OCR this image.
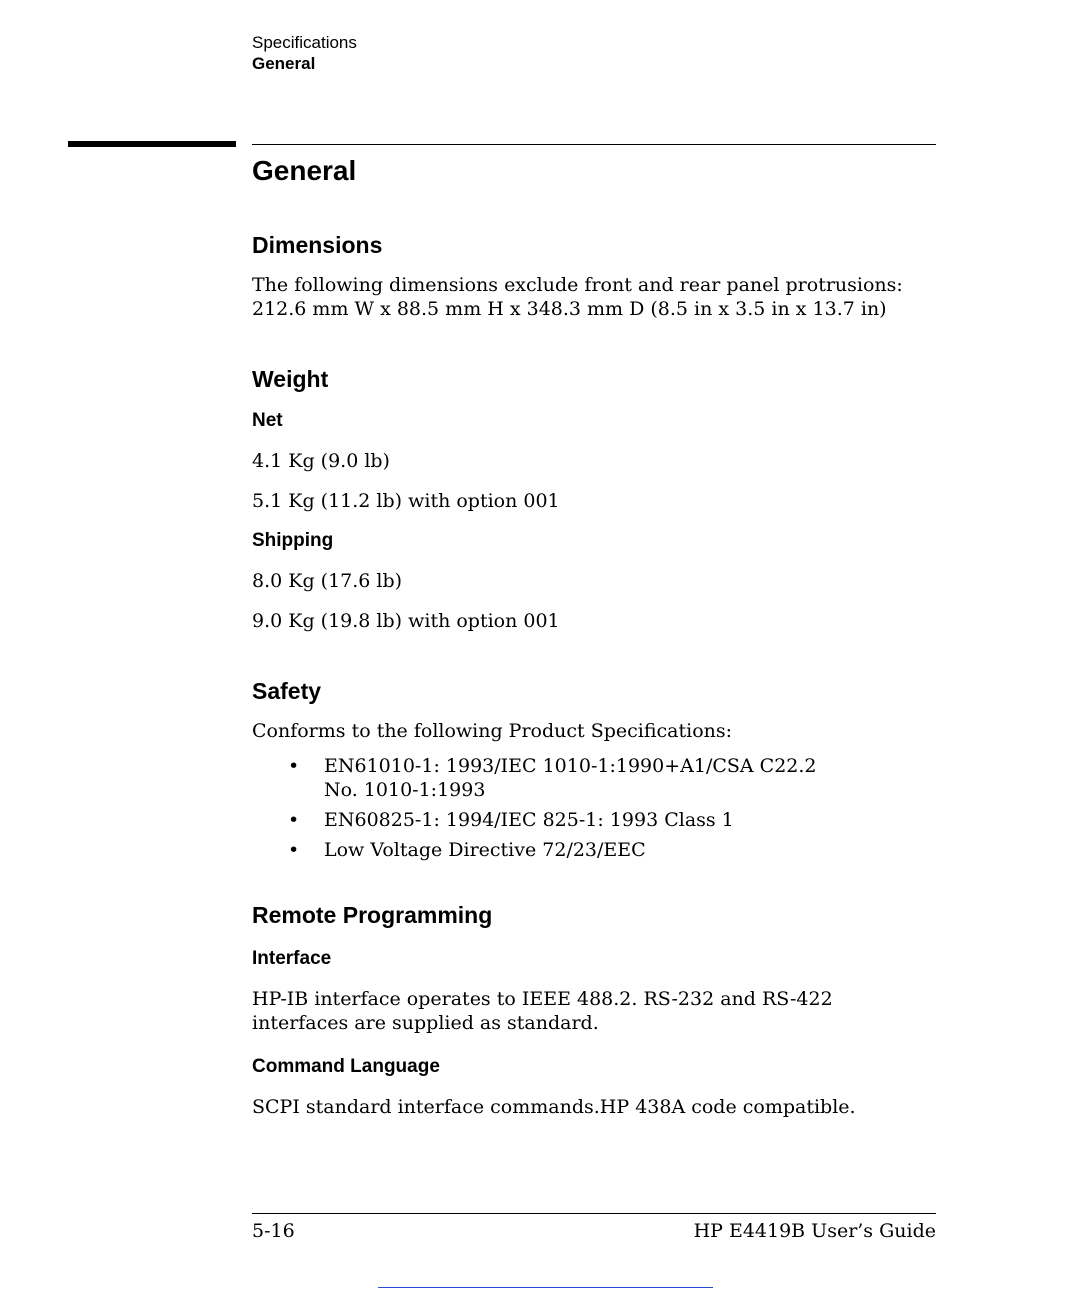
Specifications
General
General
Dimensions

The following dimensions exclude front and rear panel protrusions:

212.6 mm W x 88.5 mm H x 348.3 mm D (8.5 in x 3.5 in x 13.7 in)

Weight
Net

4.1 Kg (9.0 lb)

5.1 Kg (11.2 lb) with option 001

Shipping

8.0 Kg (17.6 lb)

9.0 Kg (19.8 lb) with option 001

Safety

Conforms to the following Product Specifications:

• EN61010-1: 1993/IEC 1010-1:1990+A1/CSA C22.2 No. 1010-1:1993
• EN60825-1: 1994/IEC 825-1: 1993 Class 1
• Low Voltage Directive 72/23/EEC
Remote Programming
Interface

HP-IB interface operates to IEEE 488.2. RS-232 and RS-422 interfaces are supplied as standard.

Command Language

SCPI standard interface commands.HP 438A code compatible.

5-16	HP E4419B User’s Guide
